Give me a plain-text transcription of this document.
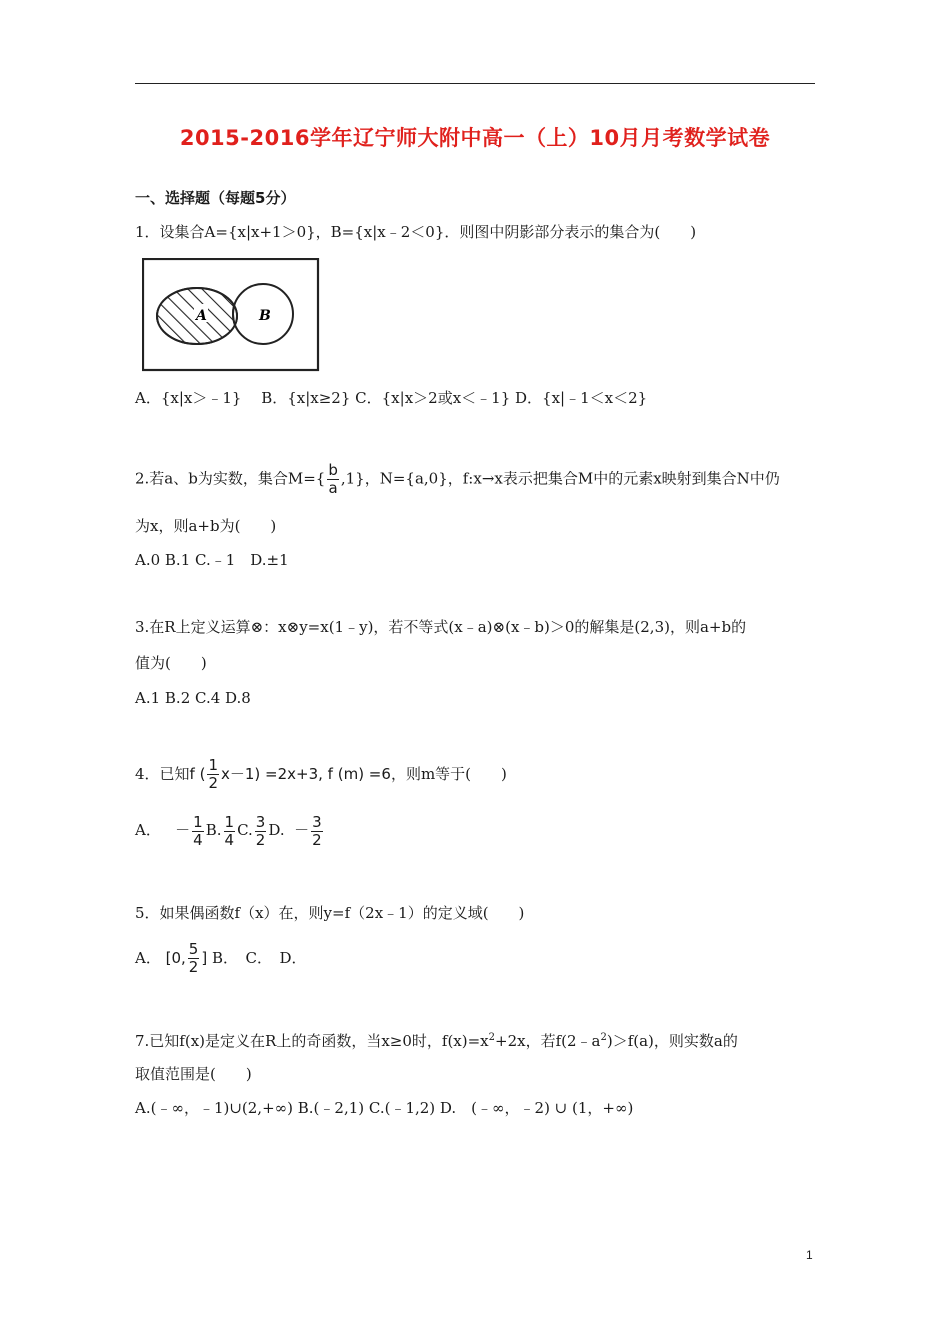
2015-2016学年辽宁师大附中高一（上）10月月考数学试卷
一、选择题（每题5分）
1．设集合A={x|x+1＞0}，B={x|x﹣2＜0}．则图中阴影部分表示的集合为(　　)
A	B
A．{x|x＞﹣1}　 B．{x|x≥2} C．{x|x＞2或x＜﹣1} D．{x|﹣1＜x＜2}
2.若a、b为实数，集合$M=\{ \frac{b}{a} ,1\}$，N={a,0}，f:x→x表示把集合M中的元素x映射到集合N中仍
为x，则a+b为(　　)
A.0 B.1 C.﹣1　D.±1
3.在R上定义运算⊗：x⊗y=x(1﹣y)，若不等式(x﹣a)⊗(x﹣b)＞0的解集是(2,3)，则a+b的
值为(　　)
A.1 B.2 C.4 D.8
4．已知f ( $\frac{1}{2} x-1) =2x+3$, f (m) =6，则m等于(　　)
A． － $\frac{1}{4} B$. $\frac{1}{4} C$. $\frac{3}{2} D$. － $\frac{3}{2}$
5．如果偶函数f（x）在，则y=f（2x﹣1）的定义域(　　)
A． [0, $\frac{5}{2}$ ] B．　C．　D．
7.已知f(x)是定义在R上的奇函数，当x≥0时，$f(x)=x^2+2x$，若$f(2﹣a^2)>f(a)$，则实数a的
取值范围是(　　)
A.(﹣∞，﹣1)∪(2,+∞) B.(﹣2,1) C.(﹣1,2) D.　(﹣∞，﹣2) ∪ (1，+∞)
1
